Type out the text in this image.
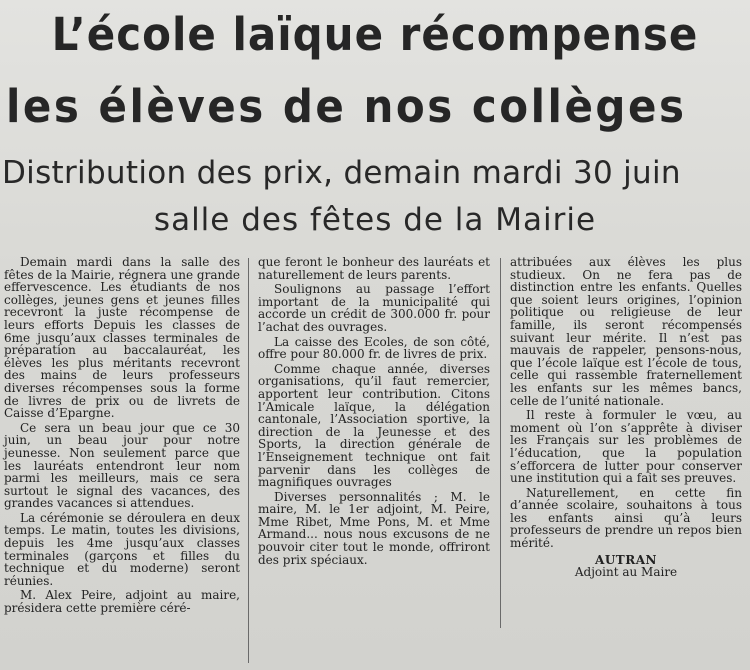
L’école laïque récompense
les élèves de nos collèges
Distribution des prix, demain mardi 30 juin
salle des fêtes de la Mairie

Demain mardi dans la salle des fêtes de la Mairie, régnera une grande effervescence. Les étudiants de nos collèges, jeunes gens et jeunes filles recevront la juste récompense de leurs efforts Depuis les classes de 6me jusqu’aux classes terminales de préparation au baccalauréat, les élèves les plus méritants recevront des mains de leurs professeurs diverses récompenses sous la forme de livres de prix ou de livrets de Caisse d’Epargne.

Ce sera un beau jour que ce 30 juin, un beau jour pour notre jeunesse. Non seulement parce que les lauréats entendront leur nom parmi les meilleurs, mais ce sera surtout le signal des vacances, des grandes vacances si attendues.

La cérémonie se déroulera en deux temps. Le matin, toutes les divisions, depuis les 4me jusqu’aux classes terminales (garçons et filles du technique et du moderne) seront réunies.

M. Alex Peire, adjoint au maire, présidera cette première céré-

que feront le bonheur des lauréats et naturellement de leurs parents.

Soulignons au passage l’effort important de la municipalité qui accorde un crédit de 300.000 fr. pour l’achat des ouvrages.

La caisse des Ecoles, de son côté, offre pour 80.000 fr. de livres de prix.

Comme chaque année, diverses organisations, qu’il faut remercier, apportent leur contribution. Citons l’Amicale laïque, la délégation cantonale, l’Association sportive, la direction de la Jeunesse et des Sports, la direction générale de l’Enseignement technique ont fait parvenir dans les collèges de magnifiques ouvrages

Diverses personnalités ; M. le maire, M. le 1er adjoint, M. Peire, Mme Ribet, Mme Pons, M. et Mme Armand... nous nous excusons de ne pouvoir citer tout le monde, offriront des prix spéciaux.

attribuées aux élèves les plus studieux. On ne fera pas de distinction entre les enfants. Quelles que soient leurs origines, l’opinion politique ou religieuse de leur famille, ils seront récompensés suivant leur mérite. Il n’est pas mauvais de rappeler, pensons-nous, que l’école laïque est l’école de tous, celle qui rassemble fraternellement les enfants sur les mêmes bancs, celle de l’unité nationale.

Il reste à formuler le vœu, au moment où l’on s’apprête à diviser les Français sur les problèmes de l’éducation, que la population s’efforcera de lutter pour conserver une institution qui a fait ses preuves.

Naturellement, en cette fin d’année scolaire, souhaitons à tous les enfants ainsi qu’à leurs professeurs de prendre un repos bien mérité.

AUTRAN
Adjoint au Maire
